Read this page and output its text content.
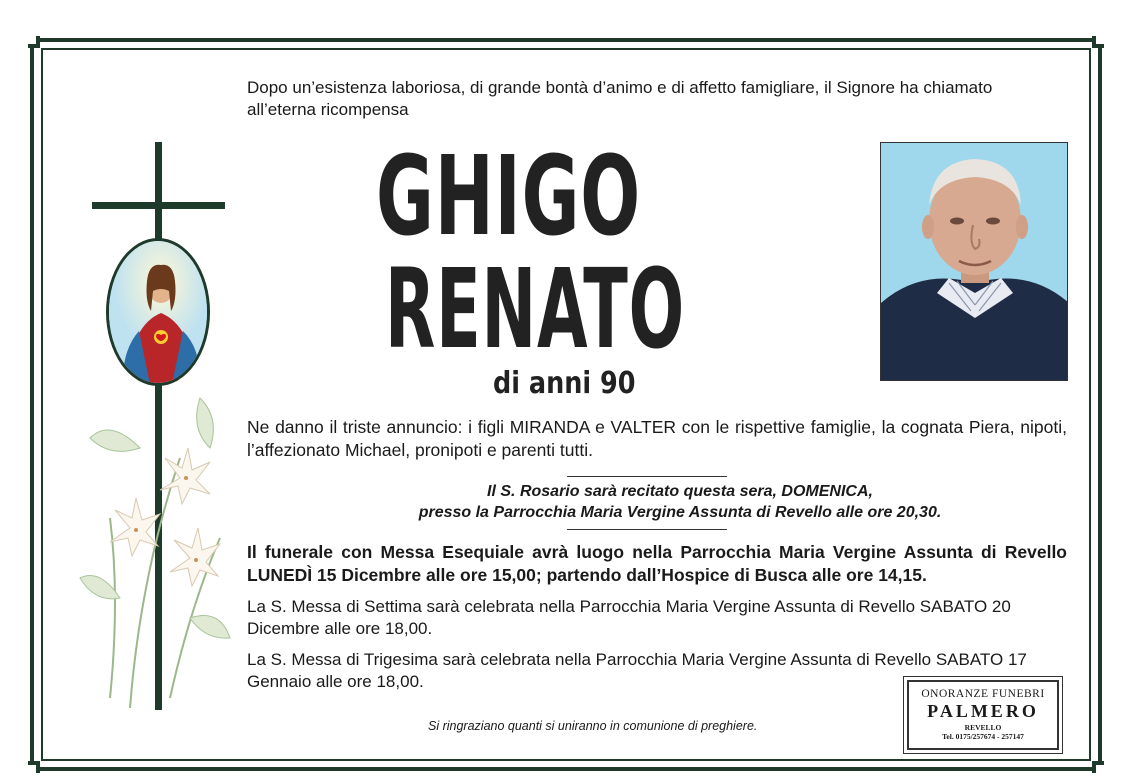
Dopo un’esistenza laboriosa, di grande bontà d’animo e di affetto famigliare, il Signore ha chiamato all’eterna ricompensa
GHIGO
RENATO
di anni 90
Ne danno il triste annuncio: i figli MIRANDA e VALTER con le rispettive famiglie, la cognata Piera, nipoti, l’affezionato Michael, pronipoti e parenti tutti.
Il S. Rosario sarà recitato questa sera, DOMENICA,
presso la Parrocchia Maria Vergine Assunta di Revello alle ore 20,30.
Il funerale con Messa Esequiale avrà luogo nella Parrocchia Maria Vergine Assunta di Revello LUNEDÌ 15 Dicembre alle ore 15,00; partendo dall’Hospice di Busca alle ore 14,15.
La S. Messa di Settima sarà celebrata nella Parrocchia Maria Vergine Assunta di Revello SABATO 20 Dicembre alle ore 18,00.
La S. Messa di Trigesima sarà celebrata nella Parrocchia Maria Vergine Assunta di Revello SABATO 17 Gennaio alle ore 18,00.
Si ringraziano quanti si uniranno in comunione di preghiere.
ONORANZE FUNEBRI
PALMERO
REVELLO
Tel. 0175/257674 - 257147
